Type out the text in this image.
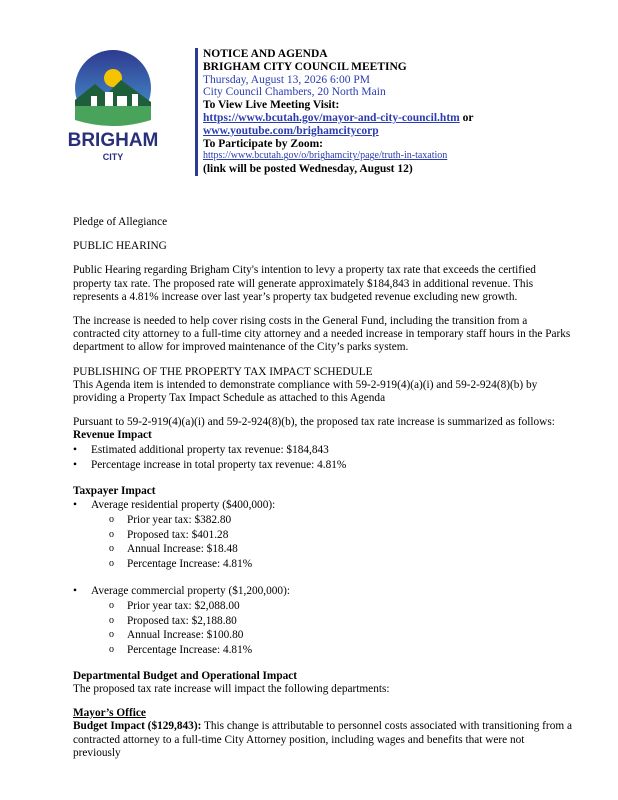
BRIGHAM
CITY
NOTICE AND AGENDA
BRIGHAM CITY COUNCIL MEETING
Thursday, August 13, 2026 6:00 PM
City Council Chambers, 20 North Main
To View Live Meeting Visit:
https://www.bcutah.gov/mayor-and-city-council.htm or
www.youtube.com/brighamcitycorp
To Participate by Zoom:
https://www.bcutah.gov/o/brighamcity/page/truth-in-taxation
(link will be posted Wednesday, August 12)

Pledge of Allegiance

PUBLIC HEARING

Public Hearing regarding Brigham City's intention to levy a property tax rate that exceeds the certified property tax rate. The proposed rate will generate approximately $184,843 in additional revenue. This represents a 4.81% increase over last year’s property tax budgeted revenue excluding new growth.

The increase is needed to help cover rising costs in the General Fund, including the transition from a contracted city attorney to a full-time city attorney and a needed increase in temporary staff hours in the Parks department to allow for improved maintenance of the City’s parks system.

PUBLISHING OF THE PROPERTY TAX IMPACT SCHEDULE

This Agenda item is intended to demonstrate compliance with 59-2-919(4)(a)(i) and 59-2-924(8)(b) by providing a Property Tax Impact Schedule as attached to this Agenda

Pursuant to 59-2-919(4)(a)(i) and 59-2-924(8)(b), the proposed tax rate increase is summarized as follows:

Revenue Impact

• Estimated additional property tax revenue: $184,843
• Percentage increase in total property tax revenue: 4.81%

Taxpayer Impact

• Average residential property ($400,000):
o Prior year tax: $382.80
o Proposed tax: $401.28
o Annual Increase: $18.48
o Percentage Increase: 4.81%
• Average commercial property ($1,200,000):
o Prior year tax: $2,088.00
o Proposed tax: $2,188.80
o Annual Increase: $100.80
o Percentage Increase: 4.81%

Departmental Budget and Operational Impact

The proposed tax rate increase will impact the following departments:

Mayor’s Office

Budget Impact ($129,843): This change is attributable to personnel costs associated with transitioning from a contracted attorney to a full-time City Attorney position, including wages and benefits that were not previously
